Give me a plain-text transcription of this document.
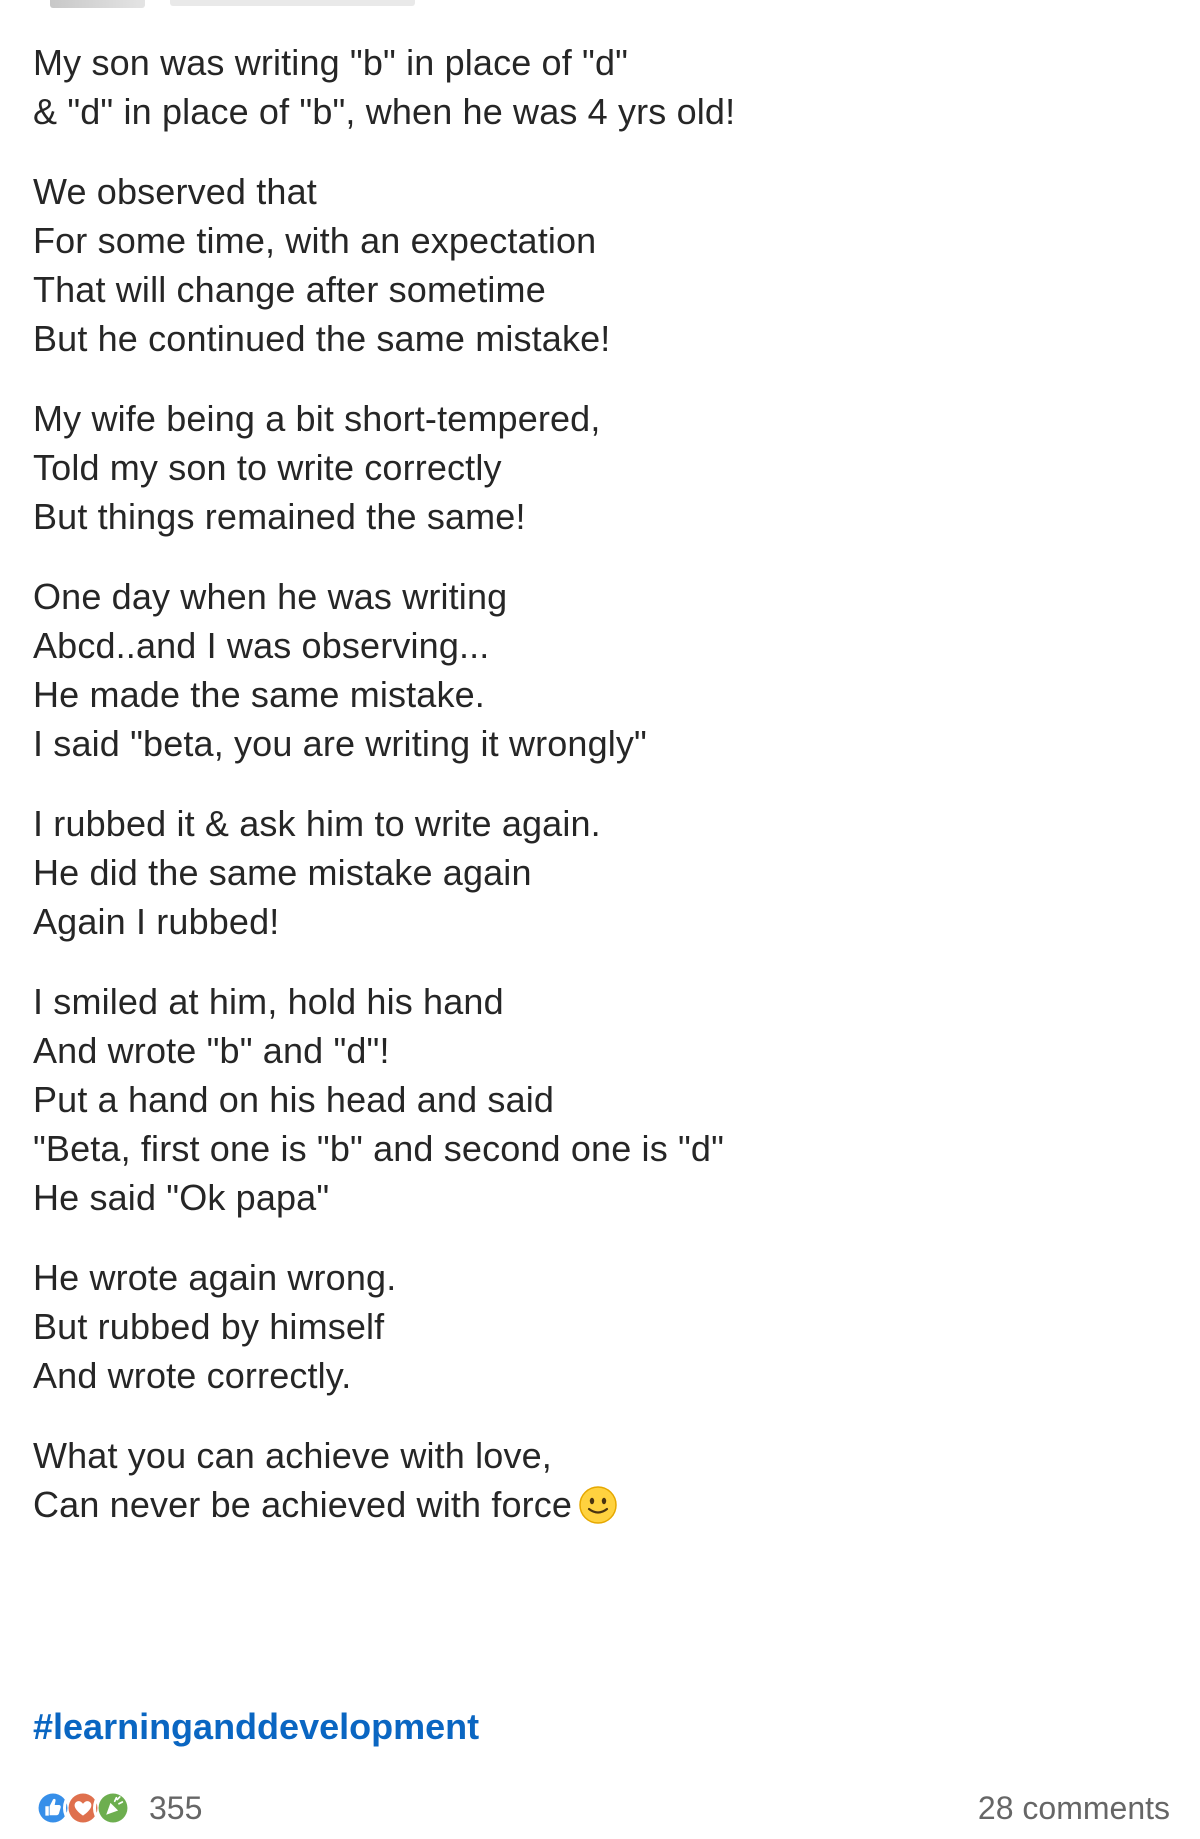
My son was writing "b" in place of "d"
& "d" in place of "b", when he was 4 yrs old!
We observed that
For some time, with an expectation
That will change after sometime
But he continued the same mistake!
My wife being a bit short-tempered,
Told my son to write correctly
But things remained the same!
One day when he was writing
Abcd..and I was observing...
He made the same mistake.
I said "beta, you are writing it wrongly"
I rubbed it & ask him to write again.
He did the same mistake again
Again I rubbed!
I smiled at him, hold his hand
And wrote "b" and "d"!
Put a hand on his head and said
"Beta, first one is "b" and second one is "d"
He said "Ok papa"
He wrote again wrong.
But rubbed by himself
And wrote correctly.
What you can achieve with love,
Can never be achieved with force
#learninganddevelopment
355	28 comments
